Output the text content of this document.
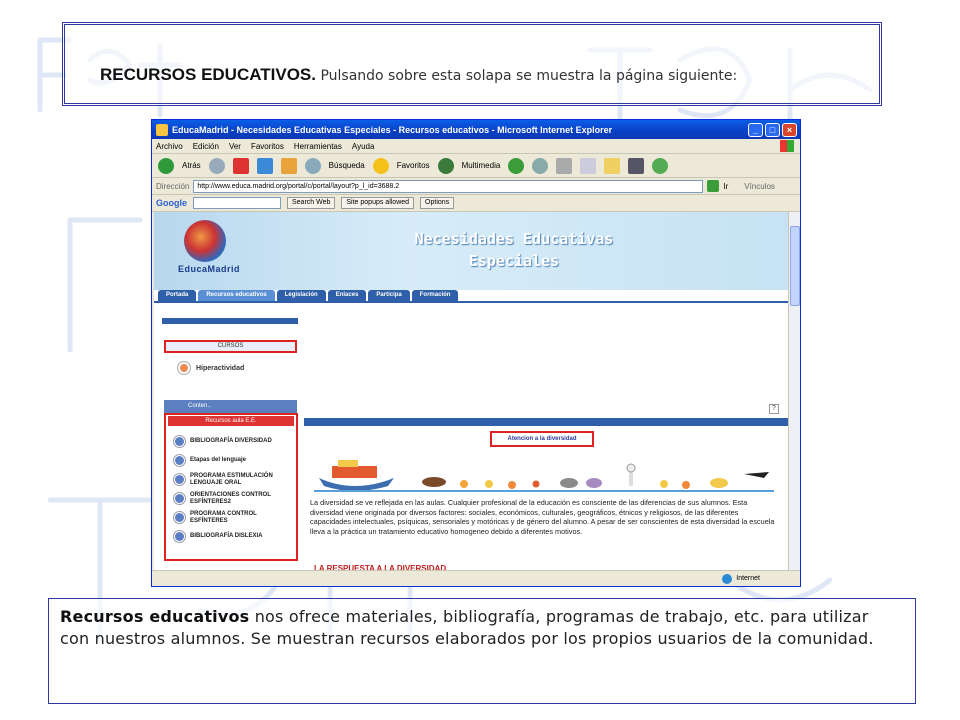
RECURSOS EDUCATIVOS. Pulsando sobre esta solapa se muestra la página siguiente:
EducaMadrid - Necesidades Educativas Especiales - Recursos educativos - Microsoft Internet Explorer	_	□	×
Archivo Edición Ver Favoritos Herramientas Ayuda
Atrás	Búsqueda	Favoritos	Multimedia
Dirección	http://www.educa.madrid.org/portal/c/portal/layout?p_l_id=3688.2	Ir Vínculos
Google	Search Web	Site popups allowed	Options
EducaMadrid
Necesidades Educativas
Especiales
Portada	Recursos educativos	Legislación	Enlaces	Participa	Formación
CURSOS
Hiperactividad
Conten..
Recursos aula E.E.
BIBLIOGRAFÍA DIVERSIDAD
Etapas del lenguaje
PROGRAMA ESTIMULACIÓN LENGUAJE ORAL
ORIENTACIONES CONTROL ESFÍNTERES2
PROGRAMA CONTROL ESFÍNTERES
BIBLIOGRAFÍA DISLEXIA
?
Atencion a la diversidad
La diversidad se ve reflejada en las aulas. Cualquier profesional de la educación es consciente de las diferencias de sus alumnos. Esta diversidad viene originada por diversos factores: sociales, económicos, culturales, geográficos, étnicos y religiosos, de las diferentes capacidades intelectuales, psíquicas, sensoriales y motóricas y de género del alumno. A pesar de ser conscientes de esta diversidad la escuela lleva a la práctica un tratamiento educativo homogeneo debido a diferentes motivos.
LA RESPUESTA A LA DIVERSIDAD
Internet
Recursos educativos nos ofrece materiales, bibliografía, programas de trabajo, etc. para utilizar con nuestros alumnos. Se muestran recursos elaborados por los propios usuarios de la comunidad.
